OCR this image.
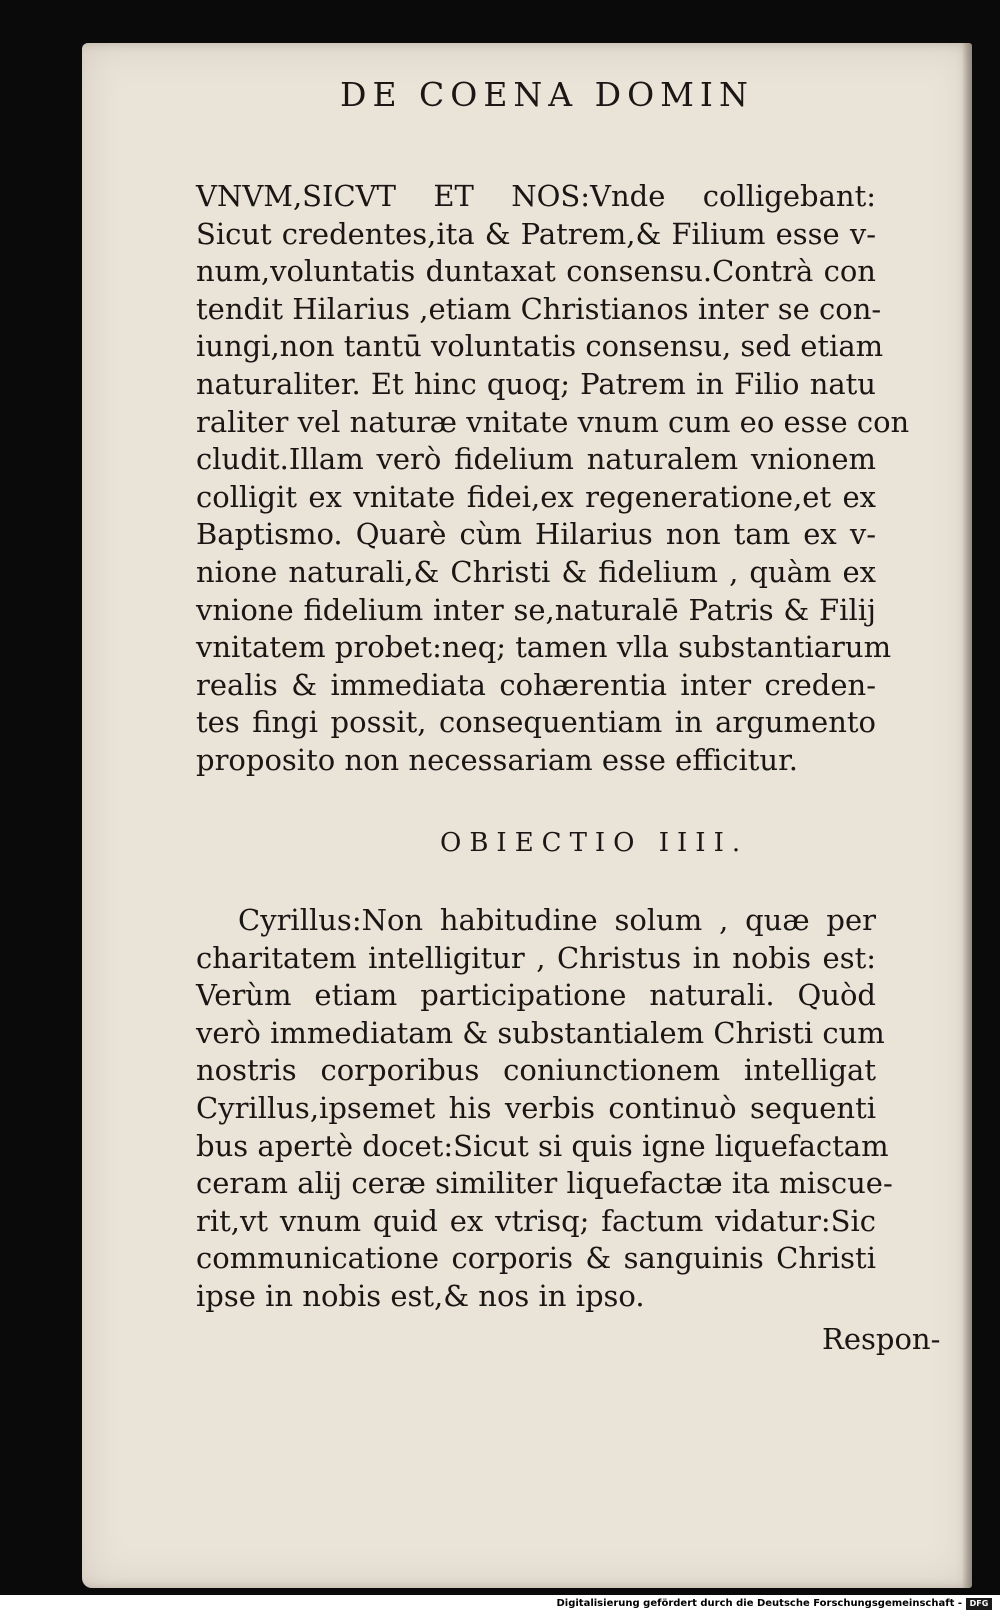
DE COENA DOMIN
VNVM,SICVT ET NOS:Vnde colligebant:
Sicut credentes,ita & Patrem,& Filium esse v-
num,voluntatis duntaxat consensu.Contrà con
tendit Hilarius ,etiam Christianos inter se con-
iungi,non tantū voluntatis consensu, sed etiam
naturaliter. Et hinc quoq; Patrem in Filio natu
raliter vel naturæ vnitate vnum cum eo esse con
cludit.Illam verò fidelium naturalem vnionem
colligit ex vnitate fidei,ex regeneratione,et ex
Baptismo. Quarè cùm Hilarius non tam ex v-
nione naturali,& Christi & fidelium , quàm ex
vnione fidelium inter se,naturalē Patris & Filij
vnitatem probet:neq; tamen vlla substantiarum
realis & immediata cohærentia inter creden-
tes fingi possit, consequentiam in argumento
proposito non necessariam esse efficitur.
OBIECTIO IIII.
Cyrillus:Non habitudine solum , quæ per
charitatem intelligitur , Christus in nobis est:
Verùm etiam participatione naturali. Quòd
verò immediatam & substantialem Christi cum
nostris corporibus coniunctionem intelligat
Cyrillus,ipsemet his verbis continuò sequenti
bus apertè docet:Sicut si quis igne liquefactam
ceram alij ceræ similiter liquefactæ ita miscue-
rit,vt vnum quid ex vtrisq; factum vidatur:Sic
communicatione corporis & sanguinis Christi
ipse in nobis est,& nos in ipso.
Respon-
Digitalisierung gefördert durch die Deutsche Forschungsgemeinschaft - DFG
